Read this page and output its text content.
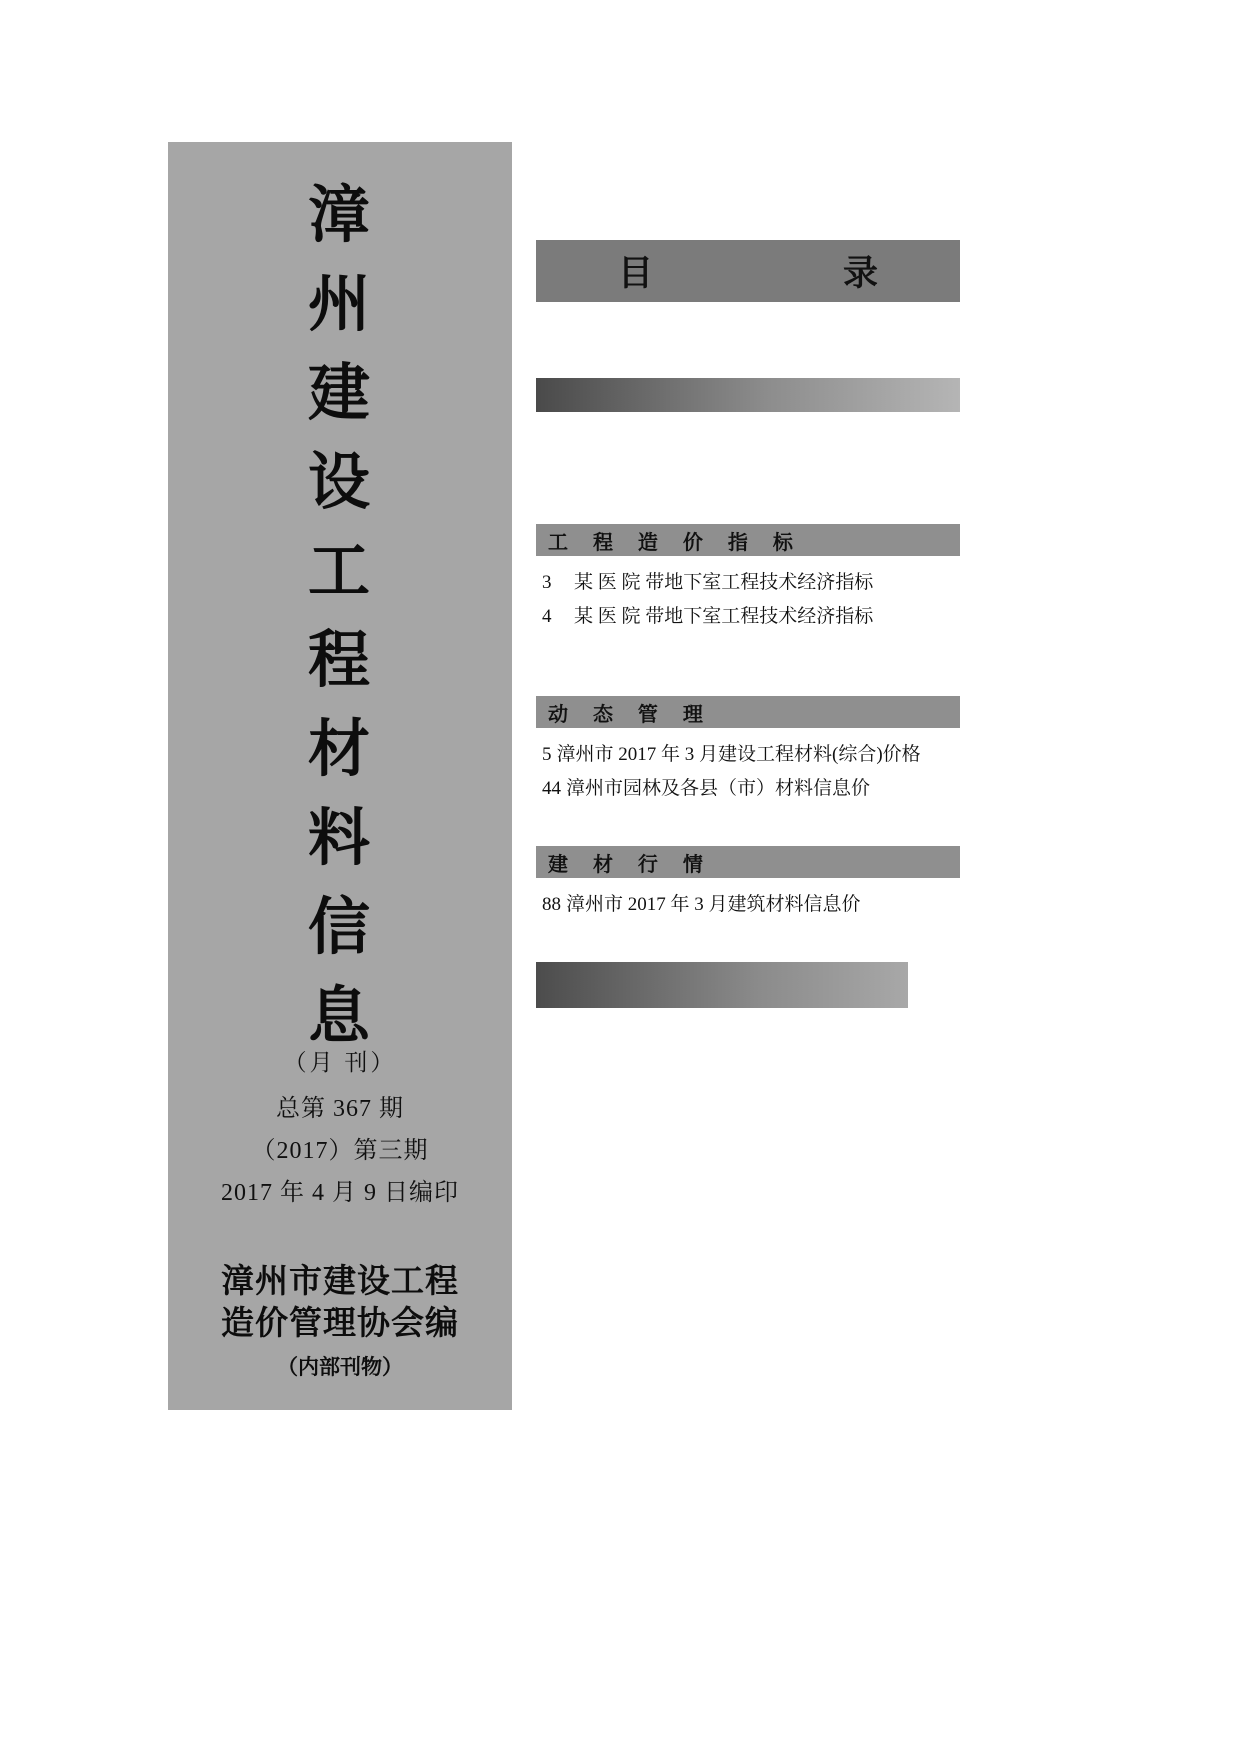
漳
州
建
设
工
程
材
料
信
息
（月 刊）
总第 367 期
（2017）第三期
2017 年 4 月 9 日编印
漳州市建设工程
造价管理协会编
（内部刊物）
目　　录
工 程 造 价 指 标
3	某 医 院 带地下室工程技术经济指标
4	某 医 院 带地下室工程技术经济指标
动 态 管 理
5 漳州市 2017 年 3 月建设工程材料(综合)价格
44 漳州市园林及各县（市）材料信息价
建 材 行 情
88 漳州市 2017 年 3 月建筑材料信息价
